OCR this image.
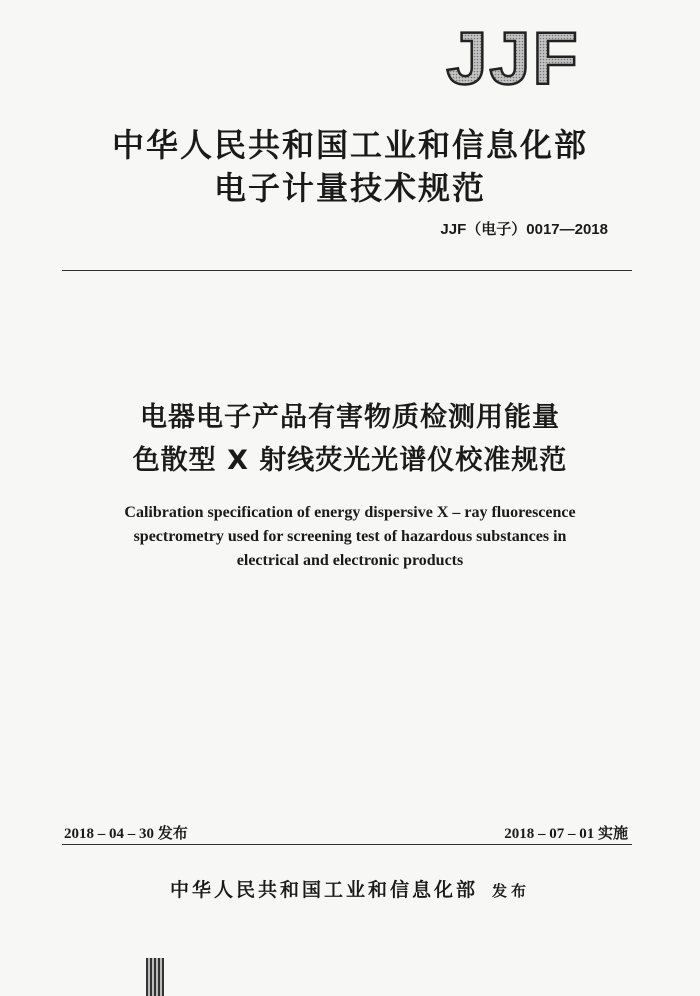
JJF
中华人民共和国工业和信息化部
电子计量技术规范
JJF（电子）0017—2018
电器电子产品有害物质检测用能量
色散型 X 射线荧光光谱仪校准规范
Calibration specification of energy dispersive X – ray fluorescence
spectrometry used for screening test of hazardous substances in
electrical and electronic products
2018 – 04 – 30 发布	2018 – 07 – 01 实施
中华人民共和国工业和信息化部 发布
